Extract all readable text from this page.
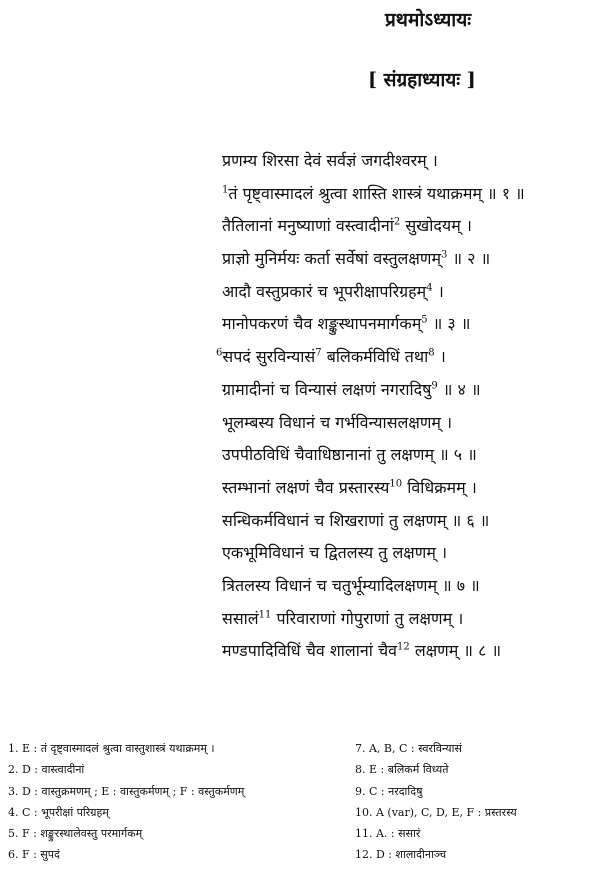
प्रथमोऽध्यायः
[ संग्रहाध्यायः ]
प्रणम्य शिरसा देवं सर्वज्ञं जगदीश्वरम् ।
$^1$तं पृष्ट्वास्मादलं श्रुत्वा शास्ति शास्त्रं यथाक्रमम् ॥ १ ॥
तैतिलानां मनुष्याणां वस्त्वादीनां$^2$ सुखोदयम् ।
प्राज्ञो मुनिर्मयः कर्ता सर्वेषां वस्तुलक्षणम्$^3$ ॥ २ ॥
आदौ वस्तुप्रकारं च भूपरीक्षापरिग्रहम्$^4$ ।
मानोपकरणं चैव शङ्कुस्थापनमार्गकम्$^5$ ॥ ३ ॥
$^6$सपदं सुरविन्यासं$^7$ बलिकर्मविधिं तथा$^8$ ।
ग्रामादीनां च विन्यासं लक्षणं नगरादिषु$^9$ ॥ ४ ॥
भूलम्बस्य विधानं च गर्भविन्यासलक्षणम् ।
उपपीठविधिं चैवाधिष्ठानानां तु लक्षणम् ॥ ५ ॥
स्तम्भानां लक्षणं चैव प्रस्तारस्य$^{10}$ विधिक्रमम् ।
सन्धिकर्मविधानं च शिखराणां तु लक्षणम् ॥ ६ ॥
एकभूमिविधानं च द्वितलस्य तु लक्षणम् ।
त्रितलस्य विधानं च चतुर्भूम्यादिलक्षणम् ॥ ७ ॥
ससालं$^{11}$ परिवाराणां गोपुराणां तु लक्षणम् ।
मण्डपादिविधिं चैव शालानां चैव$^{12}$ लक्षणम् ॥ ८ ॥
1. E : तं दृष्ट्वास्मादलं श्रुत्वा वास्तुशास्त्रं यथाक्रमम् ।
2. D : वास्त्वादीनां
3. D : वास्तुक्रमणम् ; E : वास्तुकर्मणम् ; F : वस्तुकर्मणम्
4. C : भूपरीक्षां परिग्रहम्
5. F : शङ्कुरस्थालेवस्तु परमार्गकम्
6. F : सुपदं
7. A, B, C : स्वरविन्यासं
8. E : बलिकर्म विध्यते
9. C : नरदादिषु
10. A (var), C, D, E, F : प्रस्तरस्य
11. A. : ससारं
12. D : शालादीनाञ्च
